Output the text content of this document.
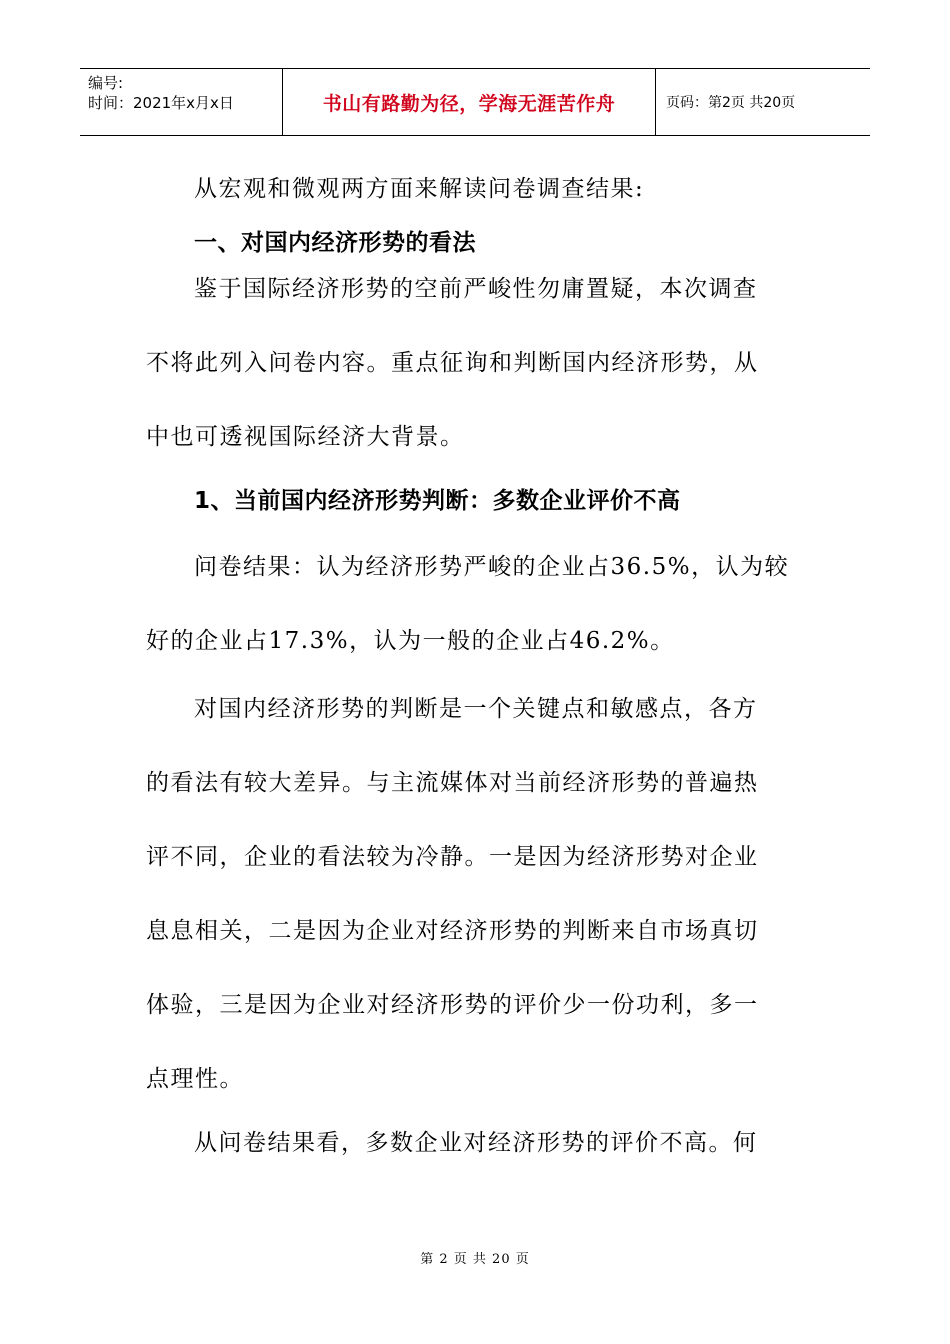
编号:
时间：2021年x月x日	书山有路勤为径，学海无涯苦作舟	页码：第2页 共20页
从宏观和微观两方面来解读问卷调查结果:
一、对国内经济形势的看法
鉴于国际经济形势的空前严峻性勿庸置疑，本次调查
不将此列入问卷内容。重点征询和判断国内经济形势，从
中也可透视国际经济大背景。
1、当前国内经济形势判断：多数企业评价不高
问卷结果：认为经济形势严峻的企业占36.5%，认为较
好的企业占17.3%，认为一般的企业占46.2%。
对国内经济形势的判断是一个关键点和敏感点，各方
的看法有较大差异。与主流媒体对当前经济形势的普遍热
评不同，企业的看法较为冷静。一是因为经济形势对企业
息息相关，二是因为企业对经济形势的判断来自市场真切
体验，三是因为企业对经济形势的评价少一份功利，多一
点理性。
从问卷结果看，多数企业对经济形势的评价不高。何
第 2 页 共 20 页
